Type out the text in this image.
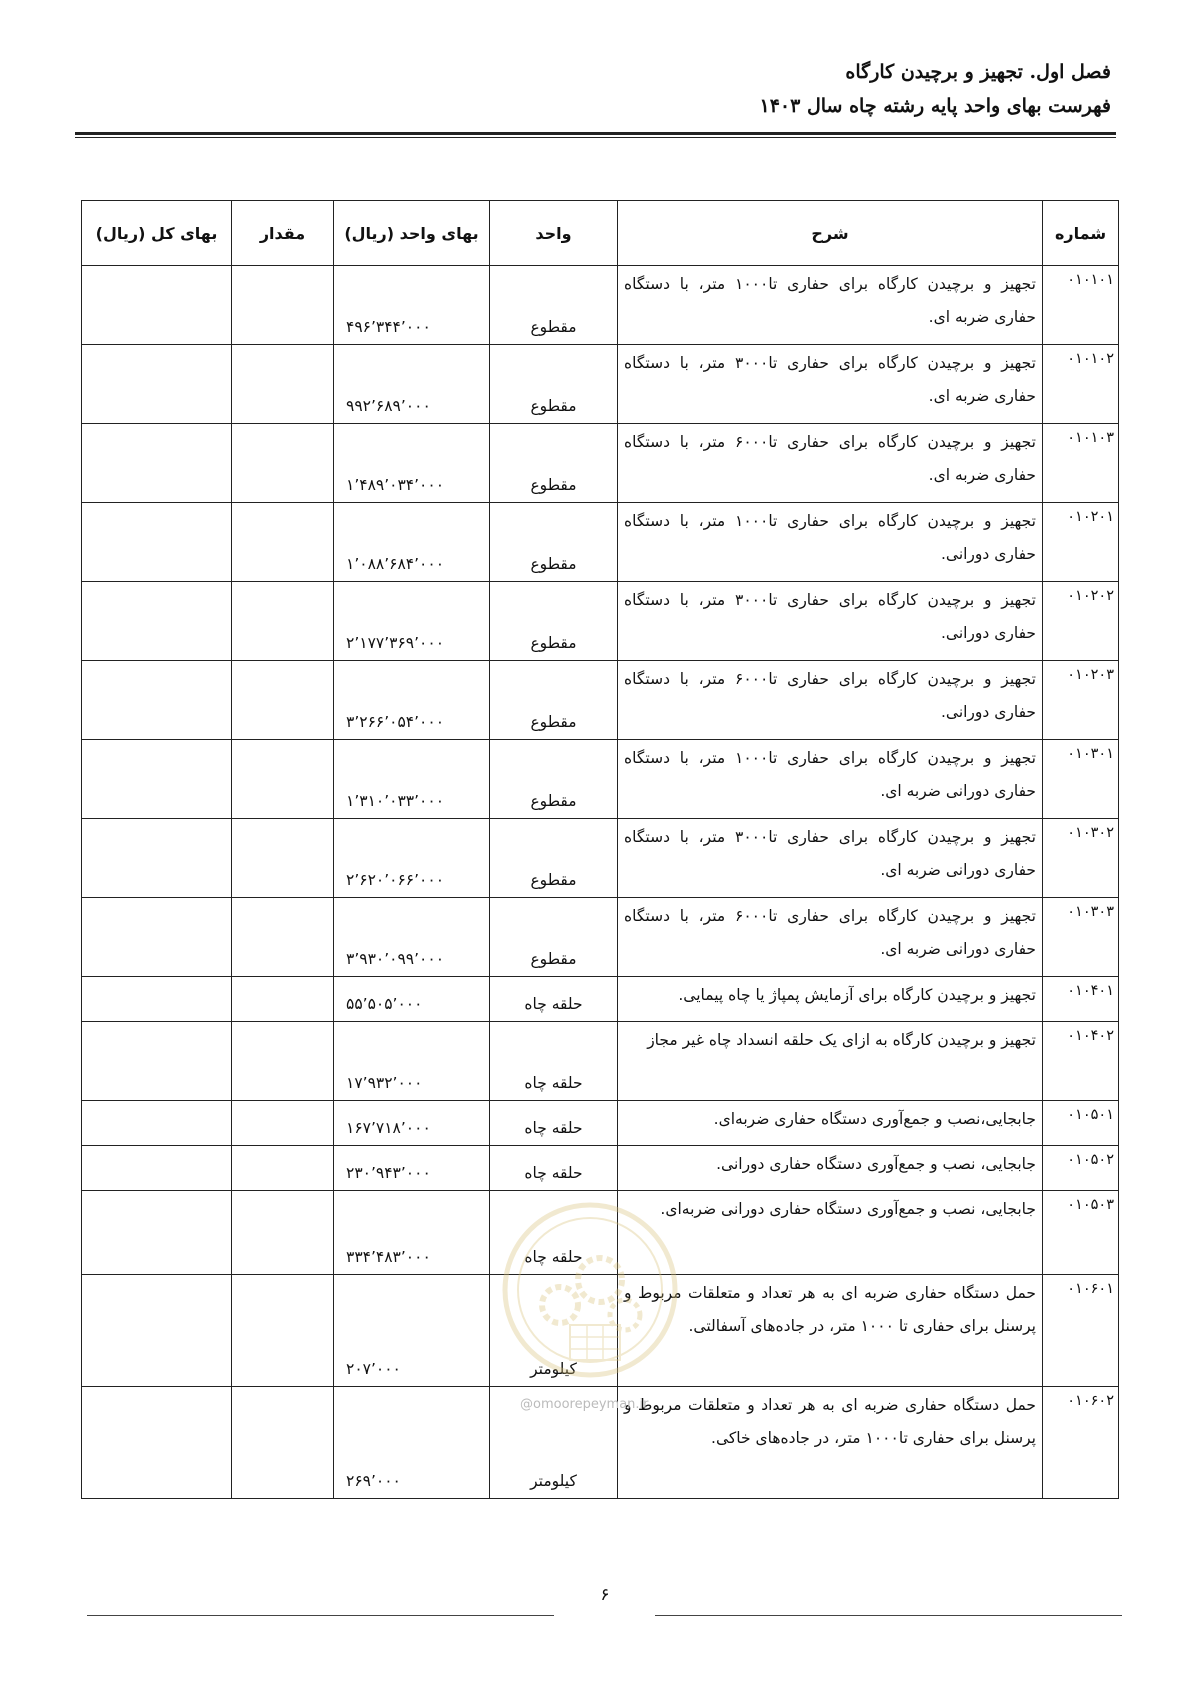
فصل اول. تجهیز و برچیدن کارگاه
فهرست بهای واحد پایه رشته چاه سال ۱۴۰۳
شماره	شرح	واحد	بهای واحد (ریال)	مقدار	بهای کل (ریال)
۰۱۰۱۰۱	تجهیز و برچیدن کارگاه برای حفاری تا۱۰۰۰ متر، با دستگاه حفاری ضربه ای.	مقطوع	۴۹۶٬۳۴۴٬۰۰۰		
۰۱۰۱۰۲	تجهیز و برچیدن کارگاه برای حفاری تا۳۰۰۰ متر، با دستگاه حفاری ضربه ای.	مقطوع	۹۹۲٬۶۸۹٬۰۰۰		
۰۱۰۱۰۳	تجهیز و برچیدن کارگاه برای حفاری تا۶۰۰۰ متر، با دستگاه حفاری ضربه ای.	مقطوع	۱٬۴۸۹٬۰۳۴٬۰۰۰		
۰۱۰۲۰۱	تجهیز و برچیدن کارگاه برای حفاری تا۱۰۰۰ متر، با دستگاه حفاری دورانی.	مقطوع	۱٬۰۸۸٬۶۸۴٬۰۰۰		
۰۱۰۲۰۲	تجهیز و برچیدن کارگاه برای حفاری تا۳۰۰۰ متر، با دستگاه حفاری دورانی.	مقطوع	۲٬۱۷۷٬۳۶۹٬۰۰۰		
۰۱۰۲۰۳	تجهیز و برچیدن کارگاه برای حفاری تا۶۰۰۰ متر، با دستگاه حفاری دورانی.	مقطوع	۳٬۲۶۶٬۰۵۴٬۰۰۰		
۰۱۰۳۰۱	تجهیز و برچیدن کارگاه برای حفاری تا۱۰۰۰ متر، با دستگاه حفاری دورانی ضربه ای.	مقطوع	۱٬۳۱۰٬۰۳۳٬۰۰۰		
۰۱۰۳۰۲	تجهیز و برچیدن کارگاه برای حفاری تا۳۰۰۰ متر، با دستگاه حفاری دورانی ضربه ای.	مقطوع	۲٬۶۲۰٬۰۶۶٬۰۰۰		
۰۱۰۳۰۳	تجهیز و برچیدن کارگاه برای حفاری تا۶۰۰۰ متر، با دستگاه حفاری دورانی ضربه ای.	مقطوع	۳٬۹۳۰٬۰۹۹٬۰۰۰		
۰۱۰۴۰۱	تجهیز و برچیدن کارگاه برای آزمایش پمپاژ یا چاه پیمایی.	حلقه چاه	۵۵٬۵۰۵٬۰۰۰		
۰۱۰۴۰۲	تجهیز و برچیدن کارگاه به ازای یک حلقه انسداد چاه غیر مجاز	حلقه چاه	۱۷٬۹۳۲٬۰۰۰		
۰۱۰۵۰۱	جابجایی،نصب و جمع‌آوری دستگاه حفاری ضربه‌ای.	حلقه چاه	۱۶۷٬۷۱۸٬۰۰۰		
۰۱۰۵۰۲	جابجایی، نصب و جمع‌آوری دستگاه حفاری دورانی.	حلقه چاه	۲۳۰٬۹۴۳٬۰۰۰		
۰۱۰۵۰۳	جابجایی، نصب و جمع‌آوری دستگاه حفاری دورانی ضربه‌ای.	حلقه چاه	۳۳۴٬۴۸۳٬۰۰۰		
۰۱۰۶۰۱	حمل دستگاه حفاری ضربه ای به هر تعداد و متعلقات مربوط و پرسنل برای حفاری تا ۱۰۰۰ متر، در جاده‌های آسفالتی.	کیلومتر	۲۰۷٬۰۰۰		
۰۱۰۶۰۲	حمل دستگاه حفاری ضربه ای به هر تعداد و متعلقات مربوط و پرسنل برای حفاری تا۱۰۰۰ متر، در جاده‌های خاکی.	کیلومتر	۲۶۹٬۰۰۰		
@omoorepeyman.ir
۶
